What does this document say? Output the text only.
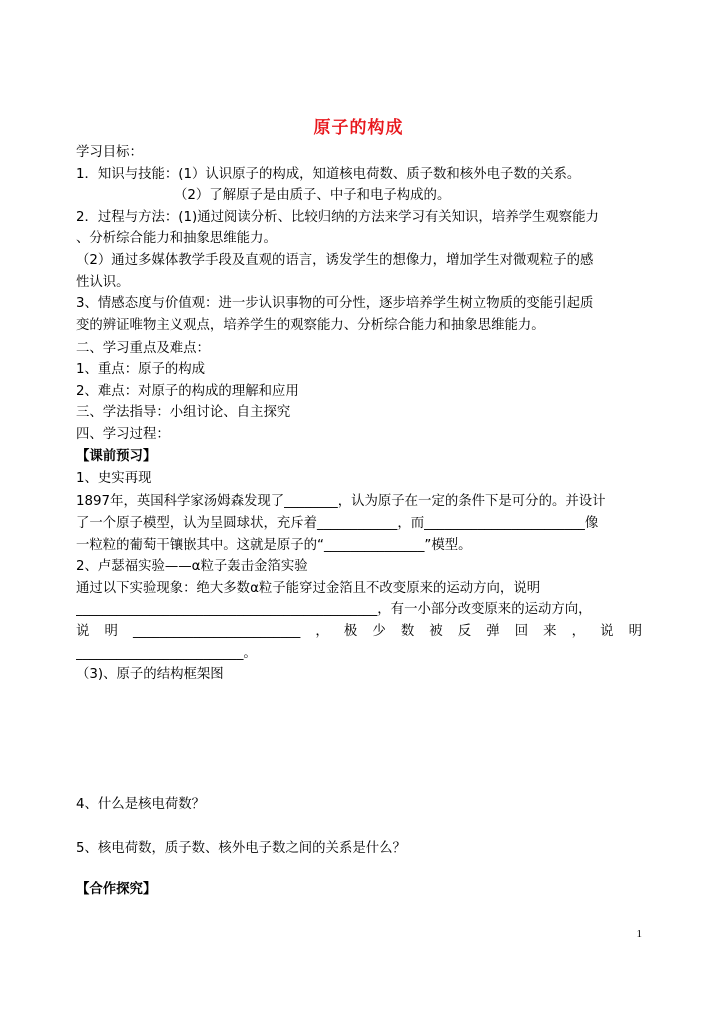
原子的构成
学习目标：
1．知识与技能：(1）认识原子的构成，知道核电荷数、质子数和核外电子数的关系。
（2）了解原子是由质子、中子和电子构成的。
2．过程与方法：(1)通过阅读分析、比较归纳的方法来学习有关知识，培养学生观察能力
、分析综合能力和抽象思维能力。
（2）通过多媒体教学手段及直观的语言，诱发学生的想像力，增加学生对微观粒子的感
性认识。
3、情感态度与价值观：进一步认识事物的可分性，逐步培养学生树立物质的变能引起质
变的辨证唯物主义观点，培养学生的观察能力、分析综合能力和抽象思维能力。
二、学习重点及难点：
1、重点：原子的构成
2、难点：对原子的构成的理解和应用
三、学法指导：小组讨论、自主探究
四、学习过程：
【课前预习】
1、史实再现
1897年，英国科学家汤姆森发现了________，认为原子在一定的条件下是可分的。并设计
了一个原子模型，认为呈圆球状，充斥着____________，而________________________像
一粒粒的葡萄干镶嵌其中。这就是原子的“_______________”模型。
2、卢瑟福实验——α粒子轰击金箔实验
通过以下实验现象：绝大多数α粒子能穿过金箔且不改变原来的运动方向，说明
_____________________________________________，有一小部分改变原来的运动方向，
说 明 _________________________ ， 极 少 数 被 反 弹 回 来 ， 说 明
_________________________。
（3)、原子的结构框架图
4、什么是核电荷数？
5、核电荷数，质子数、核外电子数之间的关系是什么？
【合作探究】
1
